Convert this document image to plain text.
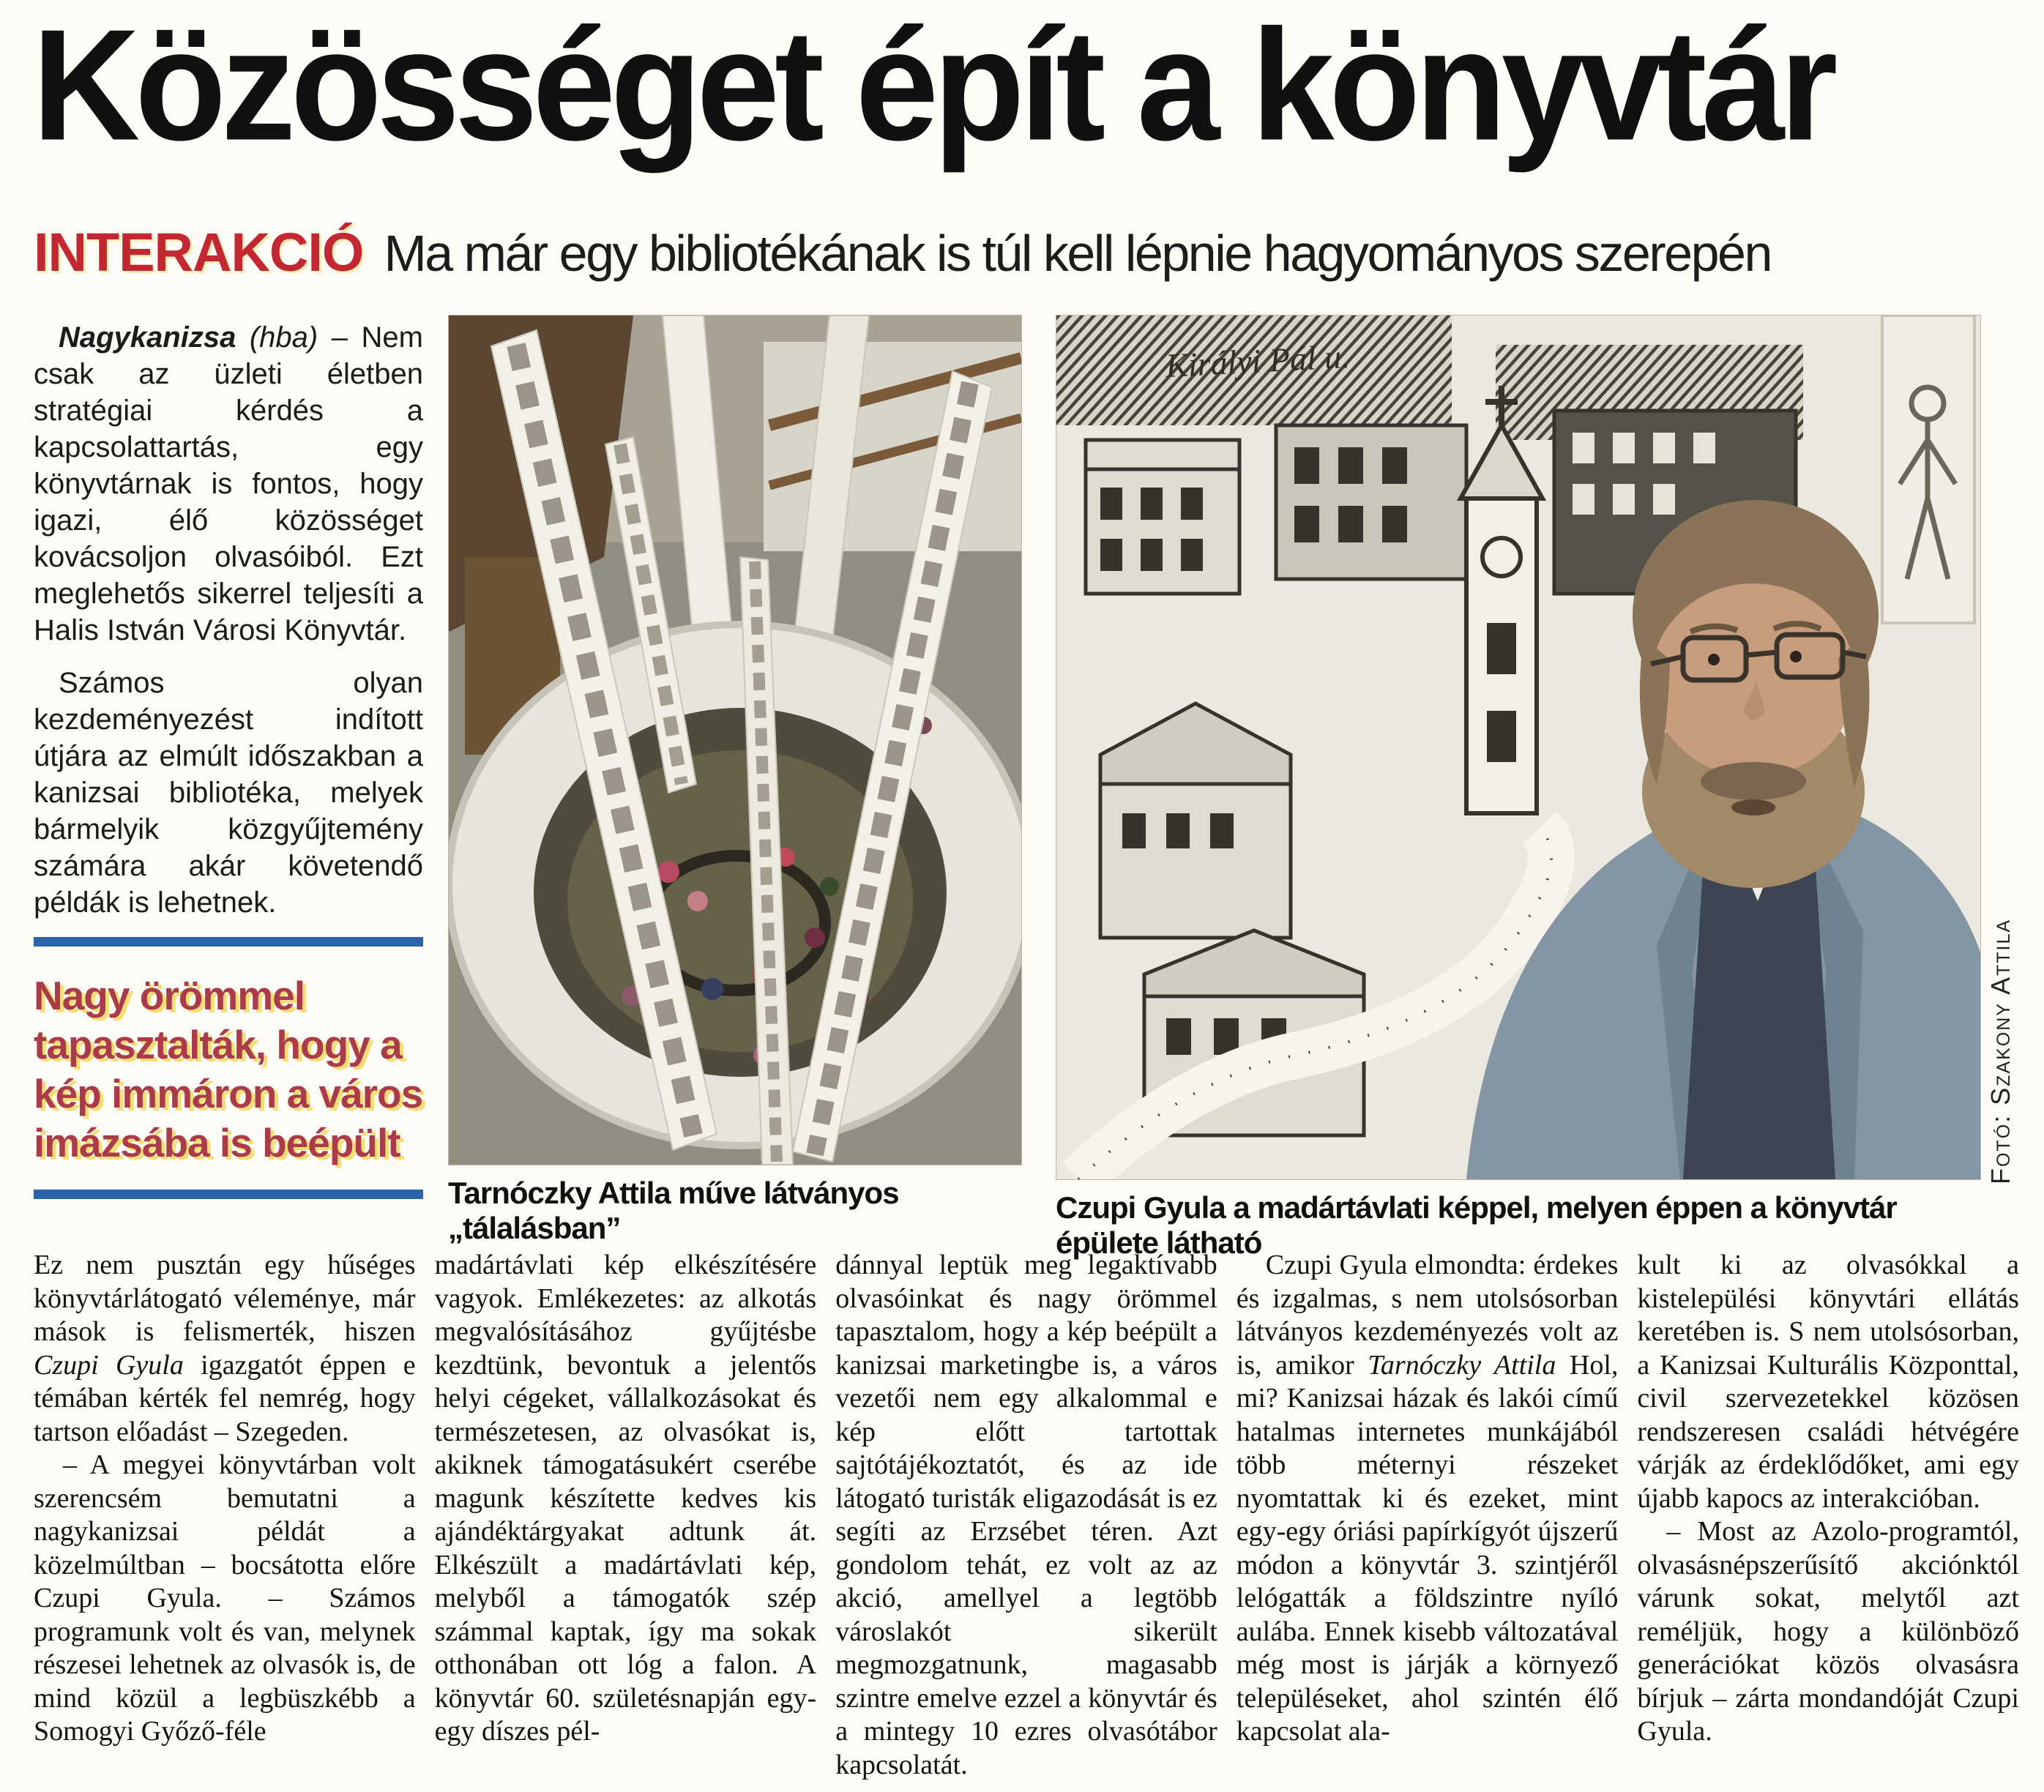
Közösséget épít a könyvtár
INTERAKCIÓ Ma már egy bibliotékának is túl kell lépnie hagyományos szerepén

Nagykanizsa (hba) – Nem csak az üzleti életben stratégiai kérdés a kapcsolattartás, egy könyvtárnak is fontos, hogy igazi, élő közösséget kovácsoljon olvasóiból. Ezt meglehetős sikerrel teljesíti a Halis István Városi Könyvtár.

Számos olyan kezdeményezést indított útjára az elmúlt időszakban a kanizsai bibliotéka, melyek bármelyik közgyűjtemény számára akár követendő példák is lehetnek.

Nagy örömmel tapasztalták, hogy a kép immáron a város imázsába is beépült
Tarnóczky Attila műve látványos „tálalásban”
Királyi Pál u.
Czupi Gyula a madártávlati képpel, melyen éppen a könyvtár épülete látható
Fotó: Szakony Attila

Ez nem pusztán egy hűséges könyvtárlátogató véleménye, már mások is felismerték, hiszen Czupi Gyula igazgatót éppen e témában kérték fel nemrég, hogy tartson előadást – Szegeden.

– A megyei könyvtárban volt szerencsém bemutatni a nagykanizsai példát a közelmúltban – bocsátotta előre Czupi Gyula. – Számos programunk volt és van, melynek részesei lehetnek az olvasók is, de mind közül a legbüszkébb a Somogyi Győző-féle

madártávlati kép elkészítésére vagyok. Emlékezetes: az alkotás megvalósításához gyűjtésbe kezdtünk, bevontuk a jelentős helyi cégeket, vállalkozásokat és természetesen, az olvasókat is, akiknek támogatásukért cserébe magunk készítette kedves kis ajándéktárgyakat adtunk át. Elkészült a madártávlati kép, melyből a támogatók szép számmal kaptak, így ma sokak otthonában ott lóg a falon. A könyvtár 60. születésnapján egy-egy díszes pél-

dánnyal leptük meg legaktívabb olvasóinkat és nagy örömmel tapasztalom, hogy a kép beépült a kanizsai marketingbe is, a város vezetői nem egy alkalommal e kép előtt tartottak sajtótájékoztatót, és az ide látogató turisták eligazodását is ez segíti az Erzsébet téren. Azt gondolom tehát, ez volt az az akció, amellyel a legtöbb városlakót sikerült megmozgatnunk, magasabb szintre emelve ezzel a könyvtár és a mintegy 10 ezres olvasótábor kapcsolatát.

Czupi Gyula elmondta: érdekes és izgalmas, s nem utolsósorban látványos kezdeményezés volt az is, amikor Tarnóczky Attila Hol, mi? Kanizsai házak és lakói című hatalmas internetes munkájából több méternyi részeket nyomtattak ki és ezeket, mint egy-egy óriási papírkígyót újszerű módon a könyvtár 3. szintjéről lelógatták a földszintre nyíló aulába. Ennek kisebb változatával még most is járják a környező településeket, ahol szintén élő kapcsolat ala-

kult ki az olvasókkal a kistelepülési könyvtári ellátás keretében is. S nem utolsósorban, a Kanizsai Kulturális Központtal, civil szervezetekkel közösen rendszeresen családi hétvégére várják az érdeklődőket, ami egy újabb kapocs az interakcióban.

– Most az Azolo-programtól, olvasásnépszerűsítő akciónktól várunk sokat, melytől azt reméljük, hogy a különböző generációkat közös olvasásra bírjuk – zárta mondandóját Czupi Gyula.
